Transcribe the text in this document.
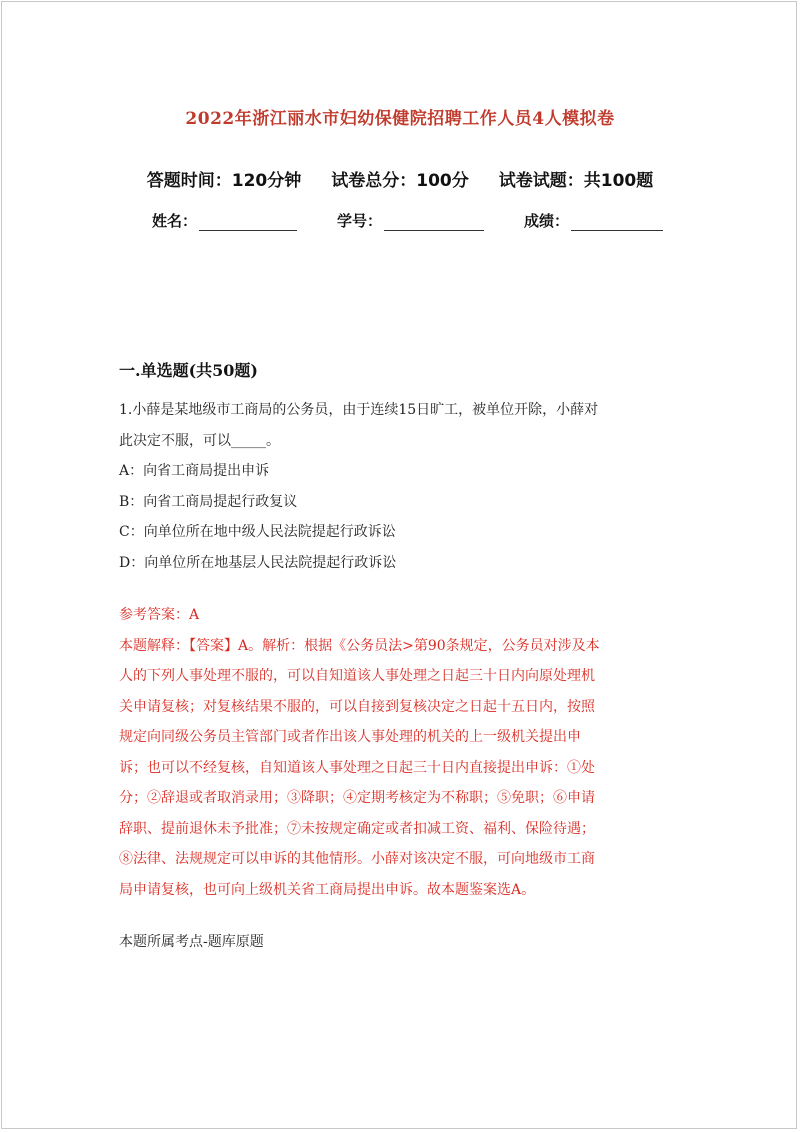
2022年浙江丽水市妇幼保健院招聘工作人员4人模拟卷
答题时间：120分钟 试卷总分：100分 试卷试题：共100题
姓名：	学号：	成绩：
一.单选题(共50题)
1.小薛是某地级市工商局的公务员，由于连续15日旷工，被单位开除，小薛对
此决定不服，可以_____。
A：向省工商局提出申诉
B：向省工商局提起行政复议
C：向单位所在地中级人民法院提起行政诉讼
D：向单位所在地基层人民法院提起行政诉讼
参考答案：A
本题解释：【答案】A。解析：根据《公务员法>第90条规定，公务员对涉及本
人的下列人事处理不服的，可以自知道该人事处理之日起三十日内向原处理机
关申请复核；对复核结果不服的，可以自接到复核决定之日起十五日内，按照
规定向同级公务员主管部门或者作出该人事处理的机关的上一级机关提出申
诉；也可以不经复核，自知道该人事处理之日起三十日内直接提出申诉：①处
分；②辞退或者取消录用；③降职；④定期考核定为不称职；⑤免职；⑥申请
辞职、提前退休未予批准；⑦未按规定确定或者扣减工资、福利、保险待遇；
⑧法律、法规规定可以申诉的其他情形。小薛对该决定不服，可向地级市工商
局申请复核，也可向上级机关省工商局提出申诉。故本题鉴案选A。
本题所属考点-题库原题
